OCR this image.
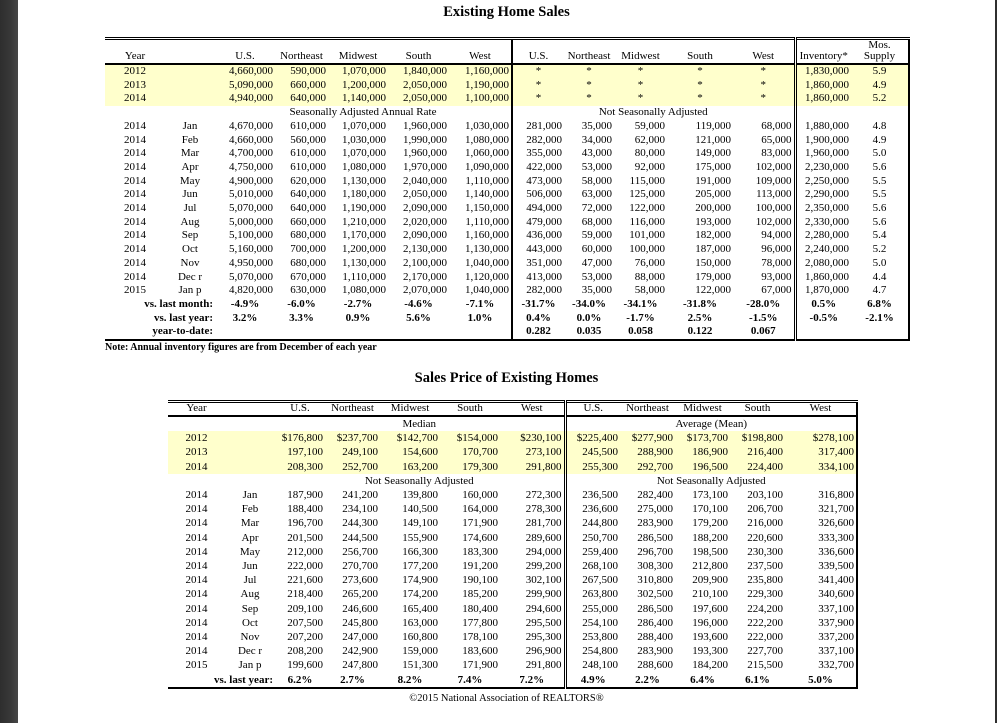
Existing Home Sales
Year		U.S.	Northeast	Midwest	South	West	U.S.	Northeast	Midwest	South	West	Inventory*	Mos.
Supply

2012		4,660,000	590,000	1,070,000	1,840,000	1,160,000	*	*	*	*	*	1,830,000	5.9
2013		5,090,000	660,000	1,200,000	2,050,000	1,190,000	*	*	*	*	*	1,860,000	4.9
2014		4,940,000	640,000	1,140,000	2,050,000	1,100,000	*	*	*	*	*	1,860,000	5.2
		Seasonally Adjusted Annual Rate					Not Seasonally Adjusted						
2014	Jan	4,670,000	610,000	1,070,000	1,960,000	1,030,000	281,000	35,000	59,000	119,000	68,000	1,880,000	4.8
2014	Feb	4,660,000	560,000	1,030,000	1,990,000	1,080,000	282,000	34,000	62,000	121,000	65,000	1,900,000	4.9
2014	Mar	4,700,000	610,000	1,070,000	1,960,000	1,060,000	355,000	43,000	80,000	149,000	83,000	1,960,000	5.0
2014	Apr	4,750,000	610,000	1,080,000	1,970,000	1,090,000	422,000	53,000	92,000	175,000	102,000	2,230,000	5.6
2014	May	4,900,000	620,000	1,130,000	2,040,000	1,110,000	473,000	58,000	115,000	191,000	109,000	2,250,000	5.5
2014	Jun	5,010,000	640,000	1,180,000	2,050,000	1,140,000	506,000	63,000	125,000	205,000	113,000	2,290,000	5.5
2014	Jul	5,070,000	640,000	1,190,000	2,090,000	1,150,000	494,000	72,000	122,000	200,000	100,000	2,350,000	5.6
2014	Aug	5,000,000	660,000	1,210,000	2,020,000	1,110,000	479,000	68,000	116,000	193,000	102,000	2,330,000	5.6
2014	Sep	5,100,000	680,000	1,170,000	2,090,000	1,160,000	436,000	59,000	101,000	182,000	94,000	2,280,000	5.4
2014	Oct	5,160,000	700,000	1,200,000	2,130,000	1,130,000	443,000	60,000	100,000	187,000	96,000	2,240,000	5.2
2014	Nov	4,950,000	680,000	1,130,000	2,100,000	1,040,000	351,000	47,000	76,000	150,000	78,000	2,080,000	5.0
2014	Dec r	5,070,000	670,000	1,110,000	2,170,000	1,120,000	413,000	53,000	88,000	179,000	93,000	1,860,000	4.4
2015	Jan p	4,820,000	630,000	1,080,000	2,070,000	1,040,000	282,000	35,000	58,000	122,000	67,000	1,870,000	4.7
vs. last month:		-4.9%	-6.0%	-2.7%	-4.6%	-7.1%	-31.7%	-34.0%	-34.1%	-31.8%	-28.0%	0.5%	6.8%
vs. last year:		3.2%	3.3%	0.9%	5.6%	1.0%	0.4%	0.0%	-1.7%	2.5%	-1.5%	-0.5%	-2.1%
year-to-date:							0.282	0.035	0.058	0.122	0.067		
Note: Annual inventory figures are from December of each year
Sales Price of Existing Homes
Year		U.S.	Northeast	Midwest	South	West	U.S.	Northeast	Midwest	South	West
		Median					Average (Mean)				
2012		$176,800	$237,700	$142,700	$154,000	$230,100	$225,400	$277,900	$173,700	$198,800	$278,100
2013		197,100	249,100	154,600	170,700	273,100	245,500	288,900	186,900	216,400	317,400
2014		208,300	252,700	163,200	179,300	291,800	255,300	292,700	196,500	224,400	334,100
		Not Seasonally Adjusted					Not Seasonally Adjusted				
2014	Jan	187,900	241,200	139,800	160,000	272,300	236,500	282,400	173,100	203,100	316,800
2014	Feb	188,400	234,100	140,500	164,000	278,300	236,600	275,000	170,100	206,700	321,700
2014	Mar	196,700	244,300	149,100	171,900	281,700	244,800	283,900	179,200	216,000	326,600
2014	Apr	201,500	244,500	155,900	174,600	289,600	250,700	286,500	188,200	220,600	333,300
2014	May	212,000	256,700	166,300	183,300	294,000	259,400	296,700	198,500	230,300	336,600
2014	Jun	222,000	270,700	177,200	191,200	299,200	268,100	308,300	212,800	237,500	339,500
2014	Jul	221,600	273,600	174,900	190,100	302,100	267,500	310,800	209,900	235,800	341,400
2014	Aug	218,400	265,200	174,200	185,200	299,900	263,800	302,500	210,100	229,300	340,600
2014	Sep	209,100	246,600	165,400	180,400	294,600	255,000	286,500	197,600	224,200	337,100
2014	Oct	207,500	245,800	163,000	177,800	295,500	254,100	286,400	196,000	222,200	337,900
2014	Nov	207,200	247,000	160,800	178,100	295,300	253,800	288,400	193,600	222,000	337,200
2014	Dec r	208,200	242,900	159,000	183,600	296,900	254,800	283,900	193,300	227,700	337,100
2015	Jan p	199,600	247,800	151,300	171,900	291,800	248,100	288,600	184,200	215,500	332,700
vs. last year:		6.2%	2.7%	8.2%	7.4%	7.2%	4.9%	2.2%	6.4%	6.1%	5.0%
©2015 National Association of REALTORS®
